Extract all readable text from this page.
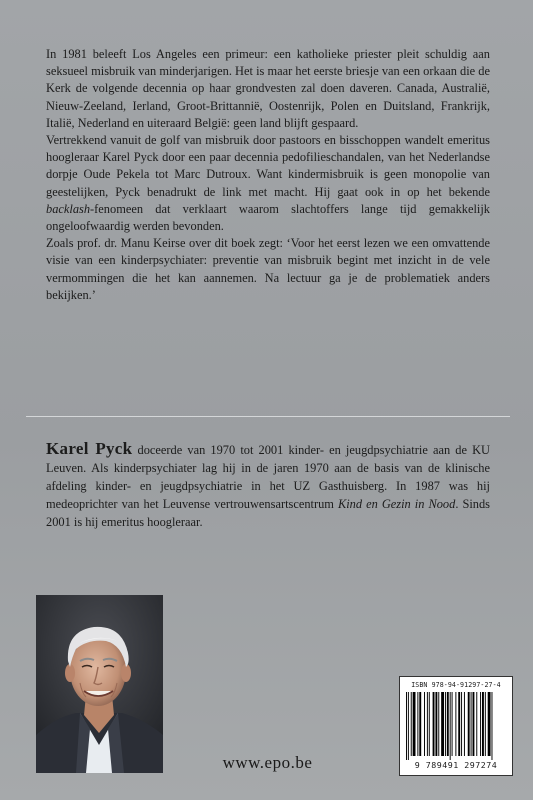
In 1981 beleeft Los Angeles een primeur: een katholieke priester pleit schuldig aan seksueel misbruik van minderjarigen. Het is maar het eerste briesje van een orkaan die de Kerk de volgende decennia op haar grondvesten zal doen daveren. Canada, Australië, Nieuw-Zeeland, Ierland, Groot-Brittannië, Oostenrijk, Polen en Duitsland, Frankrijk, Italië, Nederland en uiteraard België: geen land blijft gespaard.

Vertrekkend vanuit de golf van misbruik door pastoors en bisschoppen wandelt emeritus hoogleraar Karel Pyck door een paar decennia pedofilieschandalen, van het Nederlandse dorpje Oude Pekela tot Marc Dutroux. Want kindermisbruik is geen monopolie van geestelijken, Pyck benadrukt de link met macht. Hij gaat ook in op het bekende backlash-fenomeen dat verklaart waarom slachtoffers lange tijd gemakkelijk ongeloofwaardig werden bevonden.

Zoals prof. dr. Manu Keirse over dit boek zegt: ‘Voor het eerst lezen we een omvattende visie van een kinderpsychiater: preventie van misbruik begint met inzicht in de vele vermommingen die het kan aannemen. Na lectuur ga je de problematiek anders bekijken.’

Karel Pyck doceerde van 1970 tot 2001 kinder- en jeugdpsychiatrie aan de KU Leuven. Als kinderpsychiater lag hij in de jaren 1970 aan de basis van de klinische afdeling kinder- en jeugdpsychiatrie in het UZ Gasthuisberg. In 1987 was hij medeoprichter van het Leuvense vertrouwensartscentrum Kind en Gezin in Nood. Sinds 2001 is hij emeritus hoogleraar.
www.epo.be
ISBN 978-94-91297-27-4
9 789491 297274
